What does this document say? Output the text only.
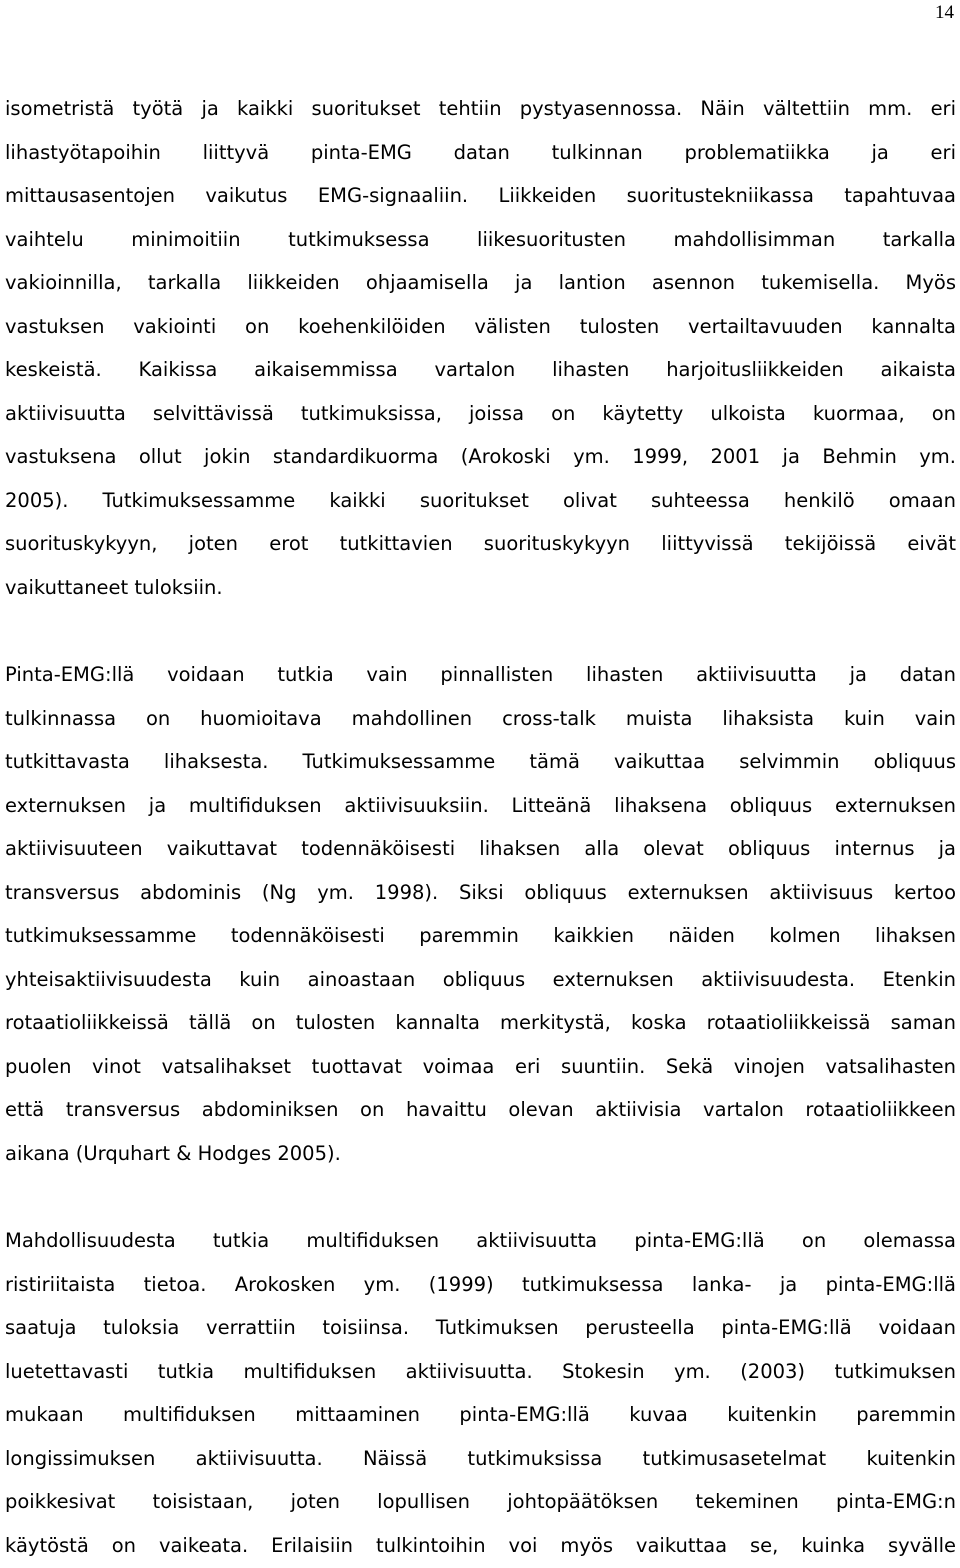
14
isometristä työtä ja kaikki suoritukset tehtiin pystyasennossa. Näin vältettiin mm. eri
lihastyötapoihin liittyvä pinta-EMG datan tulkinnan problematiikka ja eri
mittausasentojen vaikutus EMG-signaaliin. Liikkeiden suoritustekniikassa tapahtuvaa
vaihtelu minimoitiin tutkimuksessa liikesuoritusten mahdollisimman tarkalla
vakioinnilla, tarkalla liikkeiden ohjaamisella ja lantion asennon tukemisella. Myös
vastuksen vakiointi on koehenkilöiden välisten tulosten vertailtavuuden kannalta
keskeistä. Kaikissa aikaisemmissa vartalon lihasten harjoitusliikkeiden aikaista
aktiivisuutta selvittävissä tutkimuksissa, joissa on käytetty ulkoista kuormaa, on
vastuksena ollut jokin standardikuorma (Arokoski ym. 1999, 2001 ja Behmin ym.
2005). Tutkimuksessamme kaikki suoritukset olivat suhteessa henkilö omaan
suorituskykyyn, joten erot tutkittavien suorituskykyyn liittyvissä tekijöissä eivät
vaikuttaneet tuloksiin.
Pinta-EMG:llä voidaan tutkia vain pinnallisten lihasten aktiivisuutta ja datan
tulkinnassa on huomioitava mahdollinen cross-talk muista lihaksista kuin vain
tutkittavasta lihaksesta. Tutkimuksessamme tämä vaikuttaa selvimmin obliquus
externuksen ja multifiduksen aktiivisuuksiin. Litteänä lihaksena obliquus externuksen
aktiivisuuteen vaikuttavat todennäköisesti lihaksen alla olevat obliquus internus ja
transversus abdominis (Ng ym. 1998). Siksi obliquus externuksen aktiivisuus kertoo
tutkimuksessamme todennäköisesti paremmin kaikkien näiden kolmen lihaksen
yhteisaktiivisuudesta kuin ainoastaan obliquus externuksen aktiivisuudesta. Etenkin
rotaatioliikkeissä tällä on tulosten kannalta merkitystä, koska rotaatioliikkeissä saman
puolen vinot vatsalihakset tuottavat voimaa eri suuntiin. Sekä vinojen vatsalihasten
että transversus abdominiksen on havaittu olevan aktiivisia vartalon rotaatioliikkeen
aikana (Urquhart & Hodges 2005).
Mahdollisuudesta tutkia multifiduksen aktiivisuutta pinta-EMG:llä on olemassa
ristiriitaista tietoa. Arokosken ym. (1999) tutkimuksessa lanka- ja pinta-EMG:llä
saatuja tuloksia verrattiin toisiinsa. Tutkimuksen perusteella pinta-EMG:llä voidaan
luetettavasti tutkia multifiduksen aktiivisuutta. Stokesin ym. (2003) tutkimuksen
mukaan multifiduksen mittaaminen pinta-EMG:llä kuvaa kuitenkin paremmin
longissimuksen aktiivisuutta. Näissä tutkimuksissa tutkimusasetelmat kuitenkin
poikkesivat toisistaan, joten lopullisen johtopäätöksen tekeminen pinta-EMG:n
käytöstä on vaikeata. Erilaisiin tulkintoihin voi myös vaikuttaa se, kuinka syvälle
